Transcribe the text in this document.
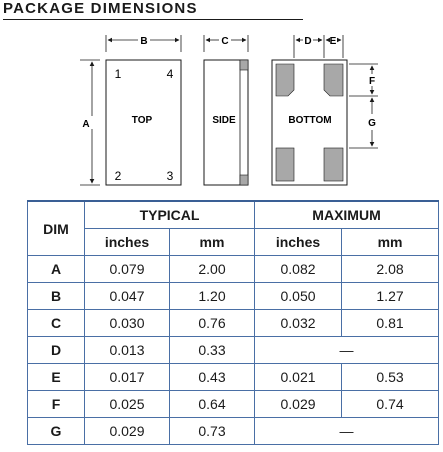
PACKAGE DIMENSIONS
TOP
1	4
2	3
B
A	SIDE
C
BOTTOM
D E
F
G
DIM	TYPICAL		MAXIMUM	
	inches	mm	inches	mm
A	0.079	2.00	0.082	2.08
B	0.047	1.20	0.050	1.27
C	0.030	0.76	0.032	0.81
D	0.013	0.33	—	
E	0.017	0.43	0.021	0.53
F	0.025	0.64	0.029	0.74
G	0.029	0.73	—	
